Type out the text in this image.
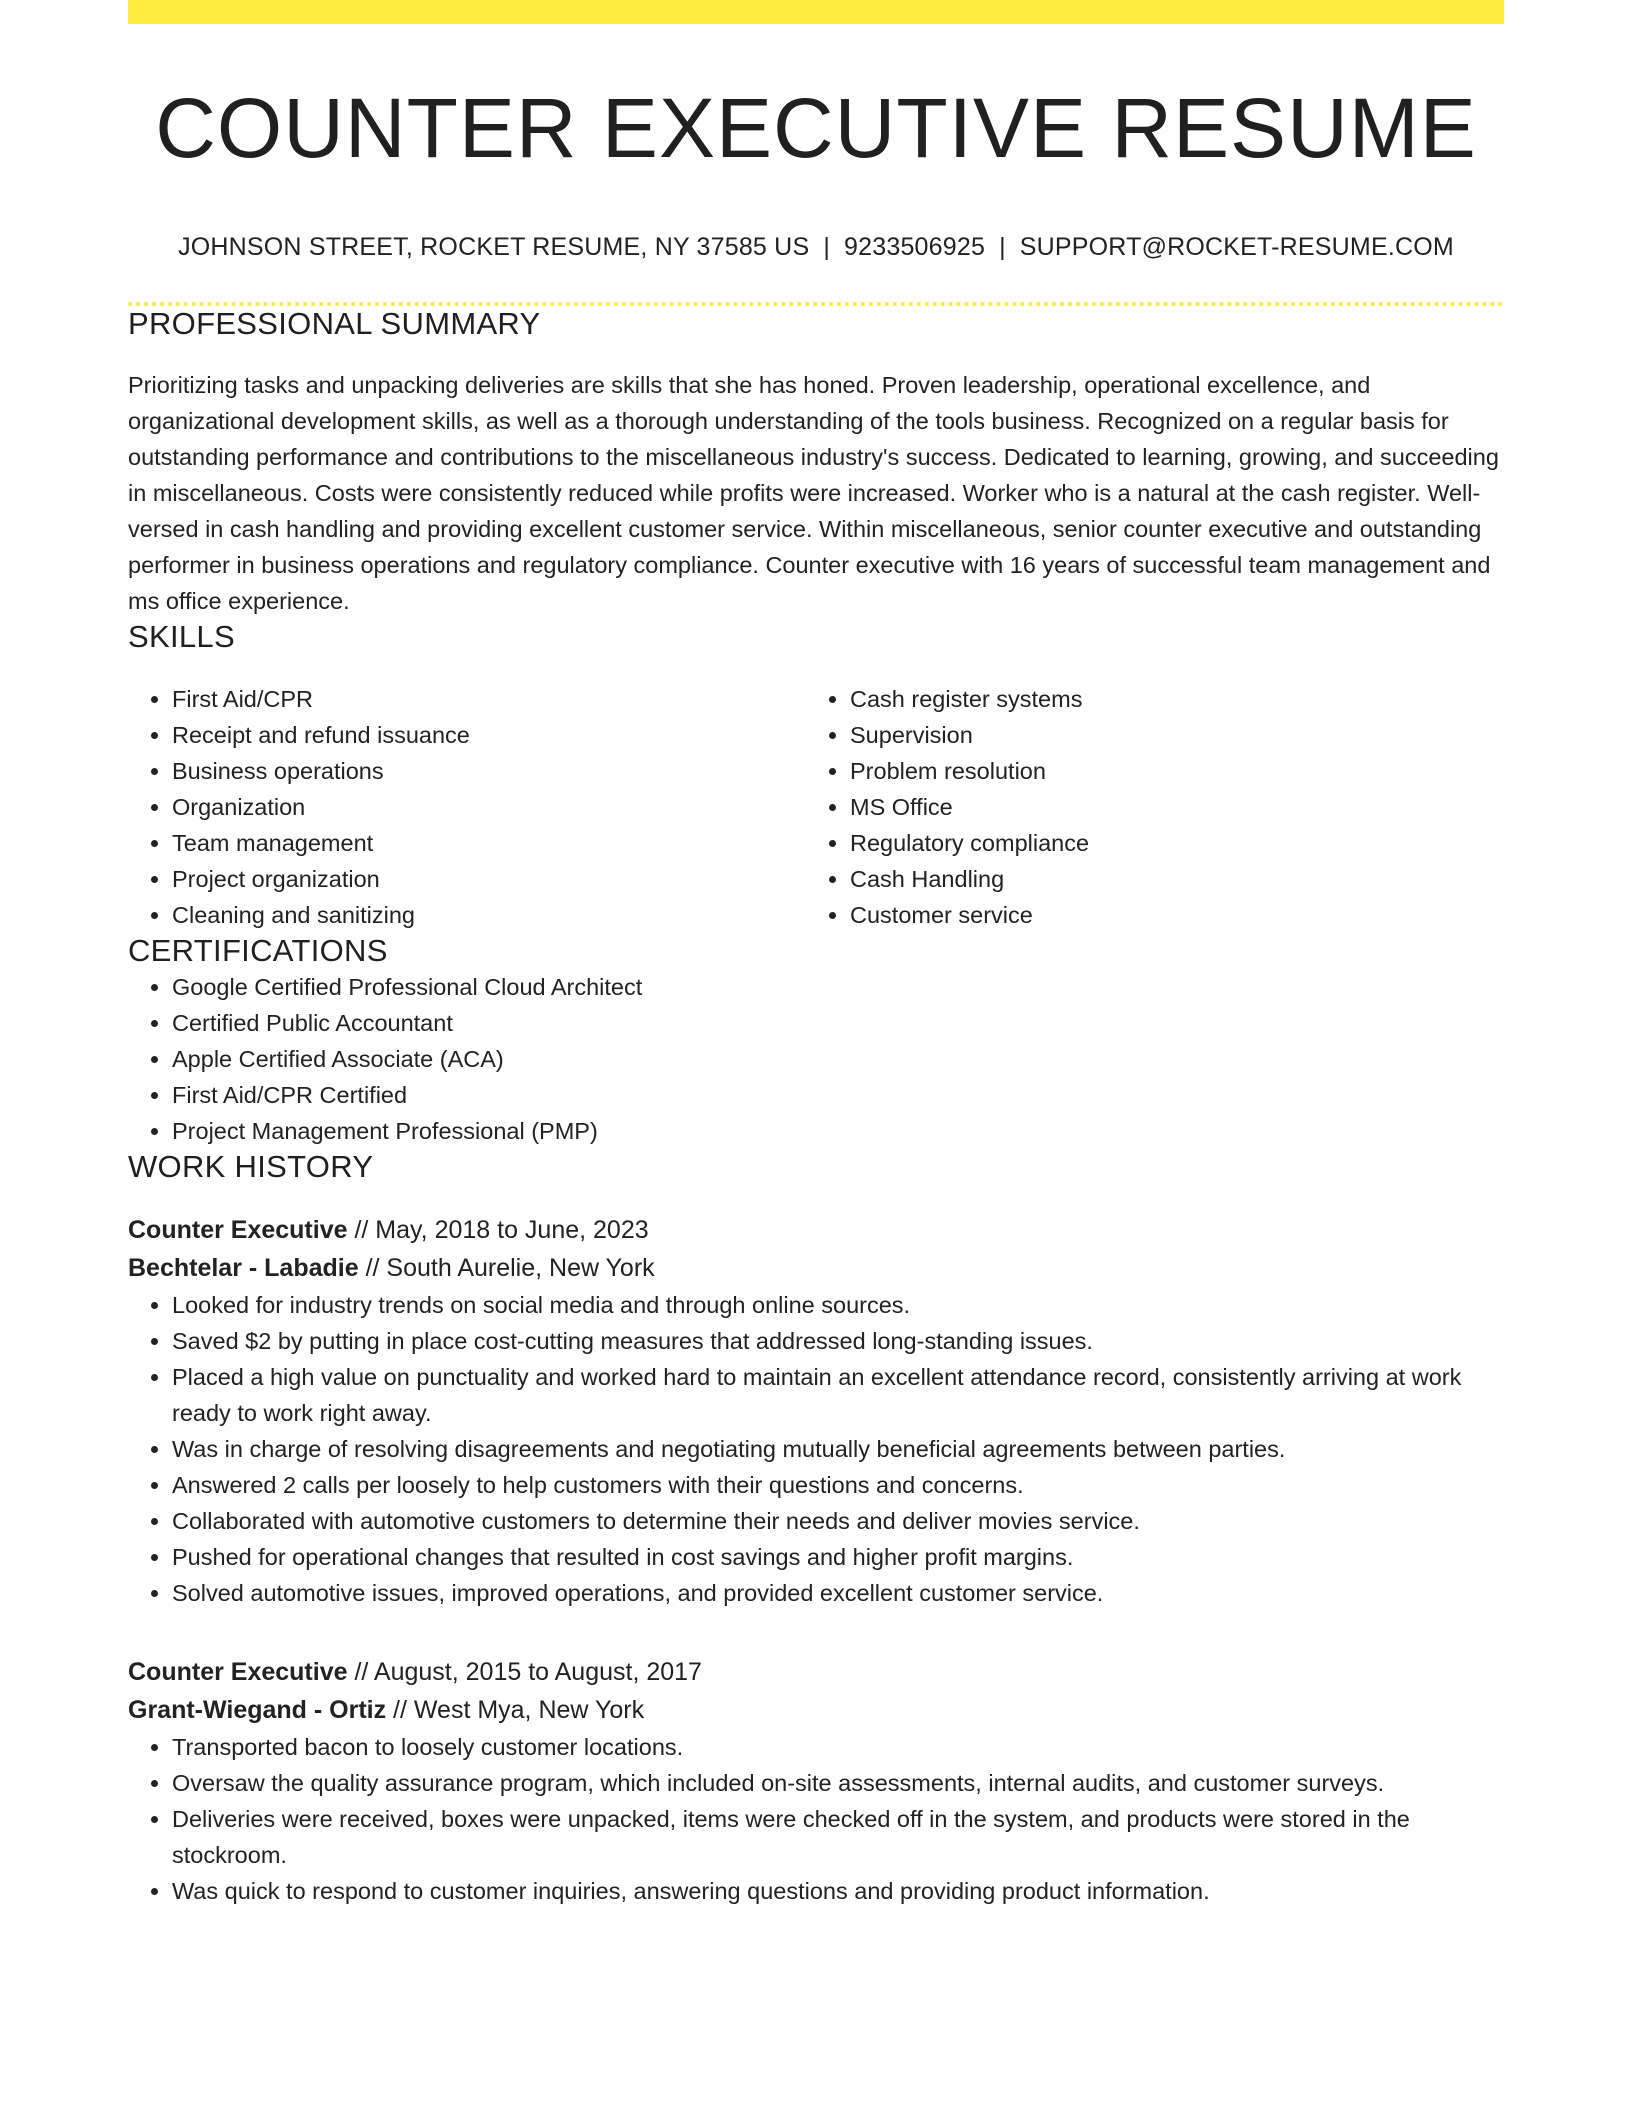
COUNTER EXECUTIVE RESUME
JOHNSON STREET, ROCKET RESUME, NY 37585 US | 9233506925 | SUPPORT@ROCKET-RESUME.COM
PROFESSIONAL SUMMARY

Prioritizing tasks and unpacking deliveries are skills that she has honed. Proven leadership, operational excellence, and organizational development skills, as well as a thorough understanding of the tools business. Recognized on a regular basis for outstanding performance and contributions to the miscellaneous industry's success. Dedicated to learning, growing, and succeeding in miscellaneous. Costs were consistently reduced while profits were increased. Worker who is a natural at the cash register. Well-versed in cash handling and providing excellent customer service. Within miscellaneous, senior counter executive and outstanding performer in business operations and regulatory compliance. Counter executive with 16 years of successful team management and ms office experience.

SKILLS
• First Aid/CPR
• Receipt and refund issuance
• Business operations
• Organization
• Team management
• Project organization
• Cleaning and sanitizing
• Cash register systems
• Supervision
• Problem resolution
• MS Office
• Regulatory compliance
• Cash Handling
• Customer service
CERTIFICATIONS
• Google Certified Professional Cloud Architect
• Certified Public Accountant
• Apple Certified Associate (ACA)
• First Aid/CPR Certified
• Project Management Professional (PMP)
WORK HISTORY
Counter Executive // May, 2018 to June, 2023
Bechtelar - Labadie // South Aurelie, New York
• Looked for industry trends on social media and through online sources.
• Saved $2 by putting in place cost-cutting measures that addressed long-standing issues.
• Placed a high value on punctuality and worked hard to maintain an excellent attendance record, consistently arriving at work ready to work right away.
• Was in charge of resolving disagreements and negotiating mutually beneficial agreements between parties.
• Answered 2 calls per loosely to help customers with their questions and concerns.
• Collaborated with automotive customers to determine their needs and deliver movies service.
• Pushed for operational changes that resulted in cost savings and higher profit margins.
• Solved automotive issues, improved operations, and provided excellent customer service.
Counter Executive // August, 2015 to August, 2017
Grant-Wiegand - Ortiz // West Mya, New York
• Transported bacon to loosely customer locations.
• Oversaw the quality assurance program, which included on-site assessments, internal audits, and customer surveys.
• Deliveries were received, boxes were unpacked, items were checked off in the system, and products were stored in the stockroom.
• Was quick to respond to customer inquiries, answering questions and providing product information.
